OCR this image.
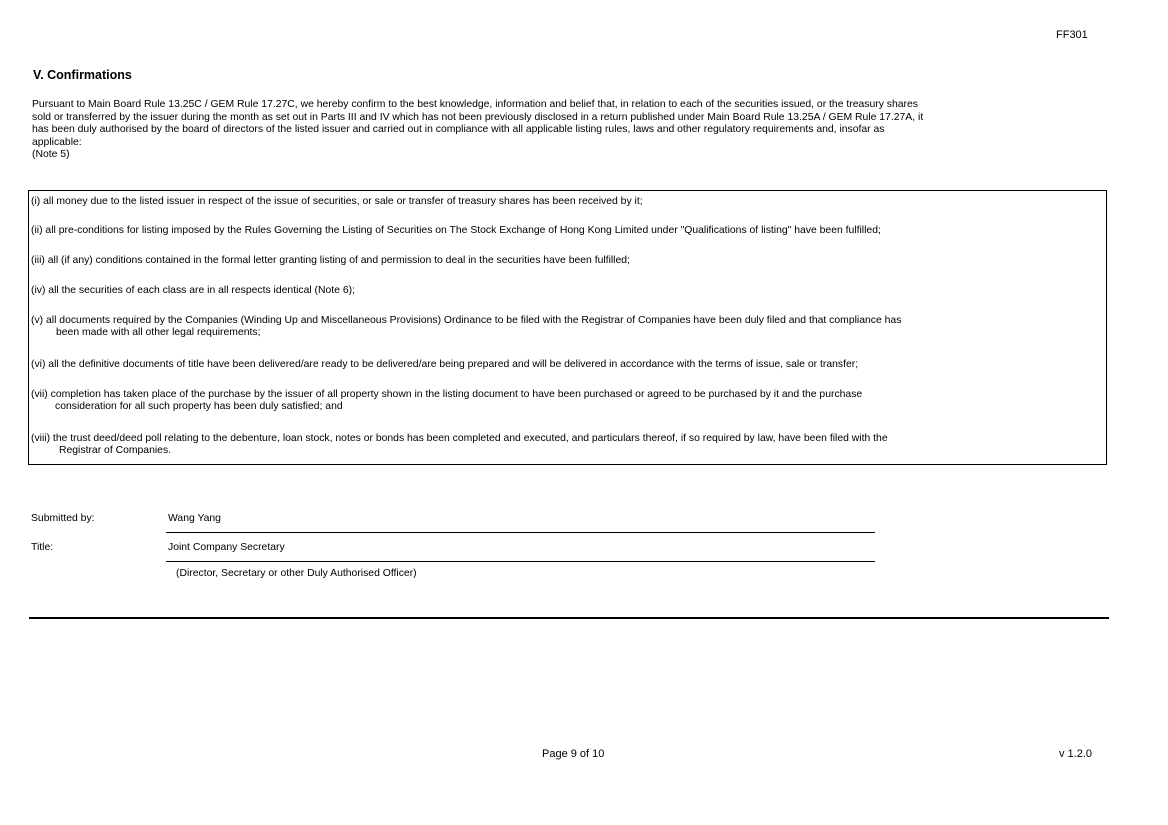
FF301
V. Confirmations
Pursuant to Main Board Rule 13.25C / GEM Rule 17.27C, we hereby confirm to the best knowledge, information and belief that, in relation to each of the securities issued, or the treasury shares
sold or transferred by the issuer during the month as set out in Parts III and IV which has not been previously disclosed in a return published under Main Board Rule 13.25A / GEM Rule 17.27A, it
has been duly authorised by the board of directors of the listed issuer and carried out in compliance with all applicable listing rules, laws and other regulatory requirements and, insofar as
applicable:
(Note 5)
(i) all money due to the listed issuer in respect of the issue of securities, or sale or transfer of treasury shares has been received by it;
(ii) all pre-conditions for listing imposed by the Rules Governing the Listing of Securities on The Stock Exchange of Hong Kong Limited under "Qualifications of listing" have been fulfilled;
(iii) all (if any) conditions contained in the formal letter granting listing of and permission to deal in the securities have been fulfilled;
(iv) all the securities of each class are in all respects identical (Note 6);
(v) all documents required by the Companies (Winding Up and Miscellaneous Provisions) Ordinance to be filed with the Registrar of Companies have been duly filed and that compliance has
been made with all other legal requirements;
(vi) all the definitive documents of title have been delivered/are ready to be delivered/are being prepared and will be delivered in accordance with the terms of issue, sale or transfer;
(vii) completion has taken place of the purchase by the issuer of all property shown in the listing document to have been purchased or agreed to be purchased by it and the purchase
consideration for all such property has been duly satisfied; and
(viii) the trust deed/deed poll relating to the debenture, loan stock, notes or bonds has been completed and executed, and particulars thereof, if so required by law, have been filed with the
Registrar of Companies.
Submitted by:	Wang Yang
Title:	Joint Company Secretary
(Director, Secretary or other Duly Authorised Officer)
Page 9 of 10	v 1.2.0
